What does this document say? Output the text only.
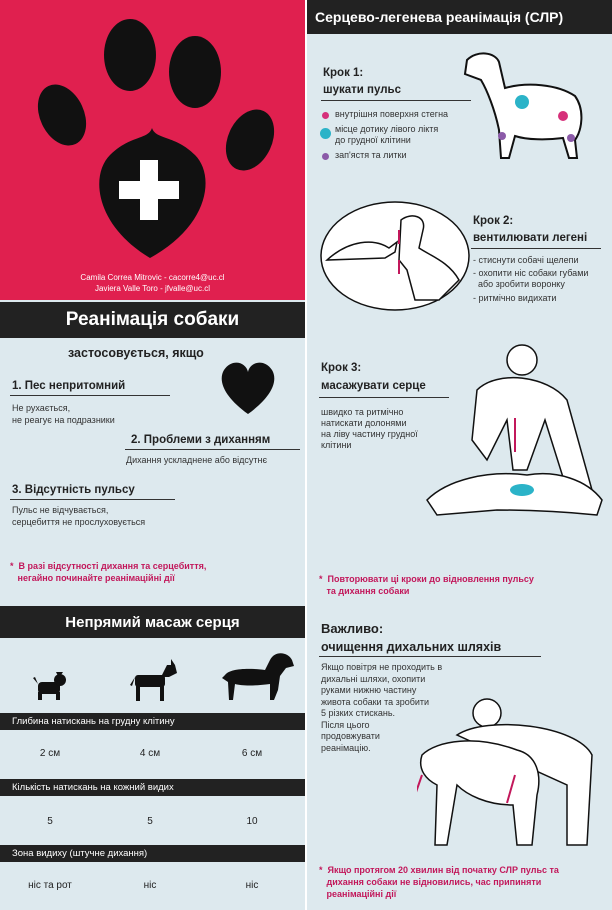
Camila Correa Mitrovic - cacorre4@uc.cl
Javiera Valle Toro - jfvalle@uc.cl
Реанімація собаки
застосовується, якщо
1. Пес непритомний
Не рухається,
не реагує на подразники
2. Проблеми з диханням
Дихання ускладнене або відсутнє
3. Відсутність пульсу
Пульс не відчувається,
серцебиття не прослуховується
*  В разі відсутності дихання та серцебиття,
негайно починайте реанімаційні дії
Непрямий масаж серця
Глибина натискань на грудну клітину
2 см	4 см	6 см
Кількість натискань на кожний видих
5	5	10
Зона видиху (штучне дихання)
ніс та рот	ніс	ніс
Серцево-легенева реанімація (СЛР)
Крок 1:
шукати пульс
внутрішня поверхня стегна
місце дотику лівого ліктя
до грудної клітини
зап'ястя та литки
Крок 2:
вентилювати легені
- стиснути собачі щелепи
- охопити ніс собаки губами
або зробити воронку
- ритмічно видихати
Крок 3:
масажувати серце
швидко та ритмічно
натискати долонями
на ліву частину грудної
клітини
*  Повторювати ці кроки до відновлення пульсу
та дихання собаки
Важливо:
очищення дихальних шляхів
Якщо повітря не проходить в
дихальні шляхи, охопити
руками нижню частину
живота собаки та зробити
5 різких стискань.
Після цього
продовжувати
реанімацію.
*  Якщо протягом 20 хвилин від початку СЛР пульс та
дихання собаки не відновились, час припиняти
реанімаційні дії
